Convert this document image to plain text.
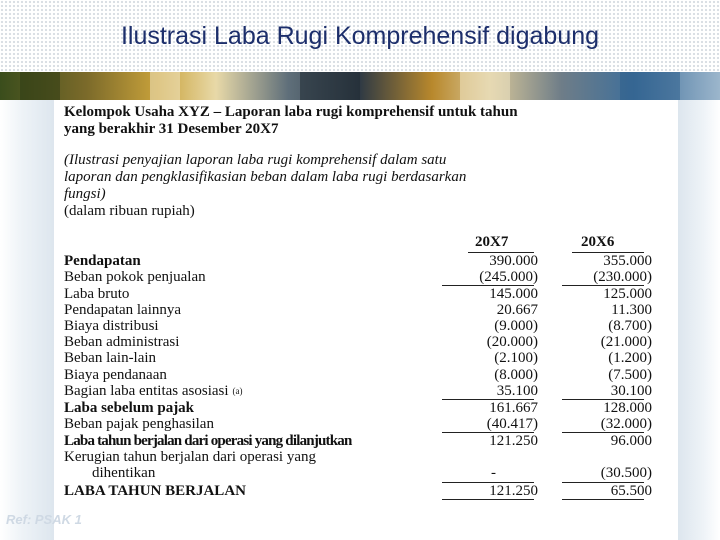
Ilustrasi Laba Rugi Komprehensif digabung
Kelompok Usaha XYZ – Laporan laba rugi komprehensif untuk tahun
yang berakhir 31 Desember 20X7
(Ilustrasi penyajian laporan laba rugi komprehensif dalam satu
laporan dan pengklasifikasian beban dalam laba rugi berdasarkan
fungsi)
(dalam ribuan rupiah)
20X7	20X6
Pendapatan	390.000	355.000
Beban pokok penjualan	(245.000)	(230.000)
Laba bruto	145.000	125.000
Pendapatan lainnya	20.667	11.300
Biaya distribusi	(9.000)	(8.700)
Beban administrasi	(20.000)	(21.000)
Beban lain-lain	(2.100)	(1.200)
Biaya pendanaan	(8.000)	(7.500)
Bagian laba entitas asosiasi $^{(a)}$	35.100	30.100
Laba sebelum pajak	161.667	128.000
Beban pajak penghasilan	(40.417)	(32.000)
Laba tahun berjalan dari operasi yang dilanjutkan	121.250	96.000
Kerugian tahun berjalan dari operasi yang
dihentikan	-	(30.500)
LABA TAHUN BERJALAN	121.250	65.500
Ref: PSAK 1
